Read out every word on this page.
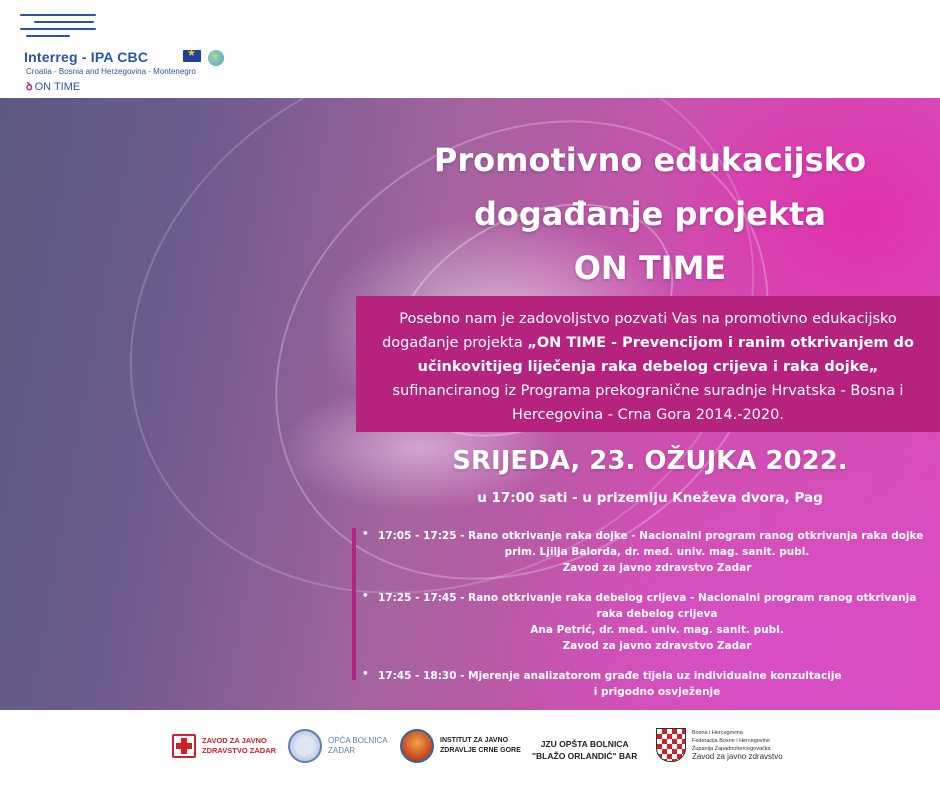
Interreg - IPA CBC
★
Croatia - Bosnia and Herzegovina - Montenegro
ꝺ ON TIME
Promotivno edukacijsko
događanje projekta
ON TIME
Posebno nam je zadovoljstvo pozvati Vas na promotivno edukacijsko događanje projekta „ON TIME - Prevencijom i ranim otkrivanjem do učinkovitijeg liječenja raka debelog crijeva i raka dojke„ sufinanciranog iz Programa prekogranične suradnje Hrvatska - Bosna i Hercegovina - Crna Gora 2014.-2020.
SRIJEDA, 23. OŽUJKA 2022.
u 17:00 sati - u prizemlju Kneževa dvora, Pag
• 17:05 - 17:25 - Rano otkrivanje raka dojke - Nacionalni program ranog otkrivanja raka dojke
prim. Ljilja Balorda, dr. med. univ. mag. sanit. publ.
Zavod za javno zdravstvo Zadar
• 17:25 - 17:45 - Rano otkrivanje raka debelog crijeva - Nacionalni program ranog otkrivanja
raka debelog crijeva
Ana Petrić, dr. med. univ. mag. sanit. publ.
Zavod za javno zdravstvo Zadar
• 17:45 - 18:30 - Mjerenje analizatorom građe tijela uz individualne konzultacije
i prigodno osvježenje
ZAVOD ZA JAVNO
ZDRAVSTVO ZADAR
OPĆA BOLNICA
ZADAR
INSTITUT ZA JAVNO
ZDRAVLJE CRNE GORE
JZU OPŠTA BOLNICA
"BLAŽO ORLANDIĆ" BAR
Bosna i Hercegovina
Federacija Bosne i Hercegovine
Županija Zapadnohercegovačka
Zavod za javno zdravstvo
